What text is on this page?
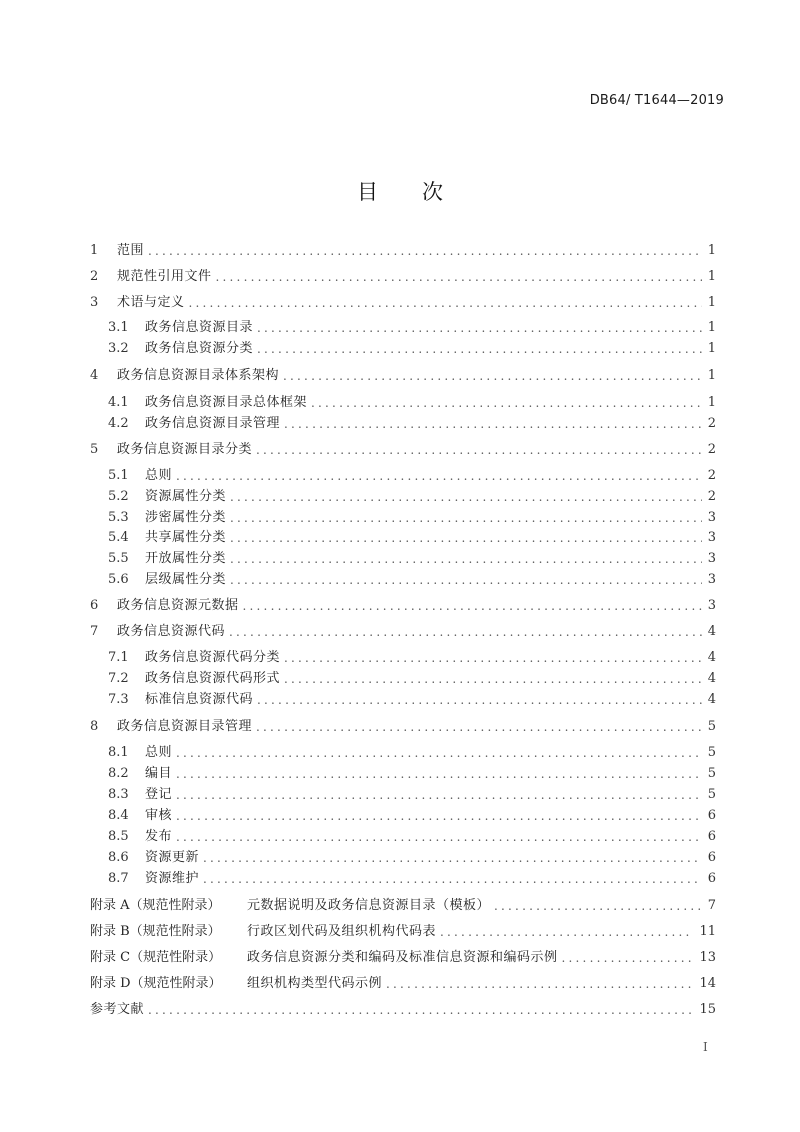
DB64/ T1644—2019
目 次
1	范围 .....	1
2	规范性引用文件 .....	1
3	术语与定义 .....	1
3.1	政务信息资源目录 .....	1
3.2	政务信息资源分类 .....	1
4	政务信息资源目录体系架构 .....	1
4.1	政务信息资源目录总体框架 .....	1
4.2	政务信息资源目录管理 .....	2
5	政务信息资源目录分类 .....	2
5.1	总则 .....	2
5.2	资源属性分类 .....	2
5.3	涉密属性分类 .....	3
5.4	共享属性分类 .....	3
5.5	开放属性分类 .....	3
5.6	层级属性分类 .....	3
6	政务信息资源元数据 .....	3
7	政务信息资源代码 .....	4
7.1	政务信息资源代码分类 .....	4
7.2	政务信息资源代码形式 .....	4
7.3	标准信息资源代码 .....	4
8	政务信息资源目录管理 .....	5
8.1	总则 .....	5
8.2	编目 .....	5
8.3	登记 .....	5
8.4	审核 .....	6
8.5	发布 .....	6
8.6	资源更新 .....	6
8.7	资源维护 .....	6
附录 A（规范性附录）	元数据说明及政务信息资源目录（模板） .....	7
附录 B（规范性附录）	行政区划代码及组织机构代码表 .....	11
附录 C（规范性附录）	政务信息资源分类和编码及标准信息资源和编码示例 .....	13
附录 D（规范性附录）	组织机构类型代码示例 .....	14
参考文献 .....	15
I
